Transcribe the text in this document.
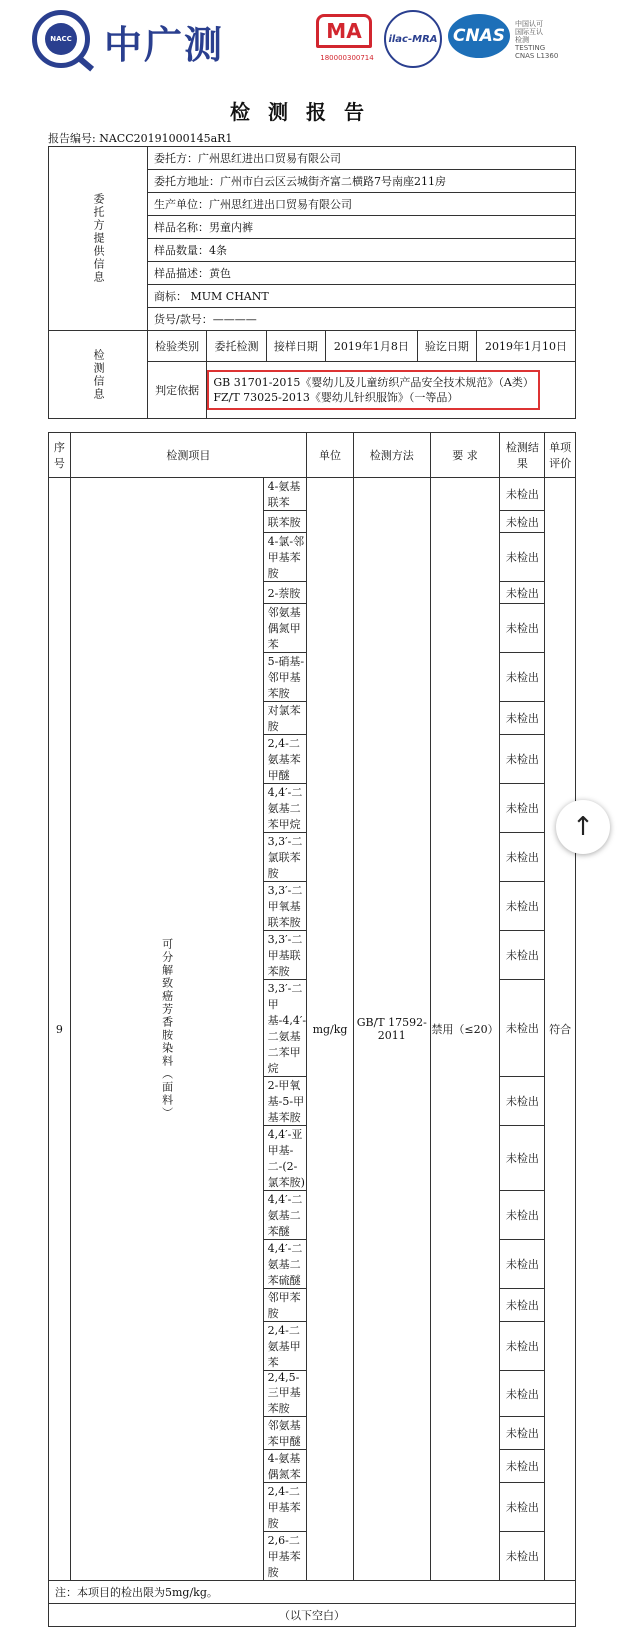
NACC 中广测	MA
180000300714
ilac-MRA CNAS
中国认可
国际互认
检测
TESTING
CNAS L1360
检测报告
报告编号: NACC20191000145aR1
委托方提供信息	委托方：广州思红进出口贸易有限公司					
	委托方地址：广州市白云区云城街齐富二横路7号南座211房					
	生产单位：广州思红进出口贸易有限公司					
	样品名称：男童内裤					
	样品数量：4条					
	样品描述：黄色					
	商标： MUM CHANT					
	货号/款号：————					
检测信息	检验类别	委托检测	接样日期	2019年1月8日	验讫日期	2019年1月10日
	判定依据	GB 31701-2015《婴幼儿及儿童纺织产品安全技术规范》（A类）
FZ/T 73025-2013《婴幼儿针织服饰》（一等品）				
序号	检测项目		单位	检测方法	要 求	检测结果	单项评价
9	可分解致癌芳香胺染料（面料）	4-氨基联苯	mg/kg	GB/T 17592-2011	禁用（≤20）	未检出	符合
		联苯胺				未检出	
		4-氯-邻甲基苯胺				未检出	
		2-萘胺				未检出	
		邻氨基偶氮甲苯				未检出	
		5-硝基-邻甲基苯胺				未检出	
		对氯苯胺				未检出	
		2,4-二氨基苯甲醚				未检出	
		4,4′-二氨基二苯甲烷				未检出	
		3,3′-二氯联苯胺				未检出	
		3,3′-二甲氧基联苯胺				未检出	
		3,3′-二甲基联苯胺				未检出	
		3,3′-二甲基-4,4′-二氨基二苯甲烷				未检出	
		2-甲氧基-5-甲基苯胺				未检出	
		4,4′-亚甲基-二-(2-氯苯胺)				未检出	
		4,4′-二氨基二苯醚				未检出	
		4,4′-二氨基二苯硫醚				未检出	
		邻甲苯胺				未检出	
		2,4-二氨基甲苯				未检出	
		2,4,5-三甲基苯胺				未检出	
		邻氨基苯甲醚				未检出	
		4-氨基偶氮苯				未检出	
		2,4-二甲基苯胺				未检出	
		2,6-二甲基苯胺				未检出	
注：本项目的检出限为5mg/kg。							
（以下空白）							
↑
